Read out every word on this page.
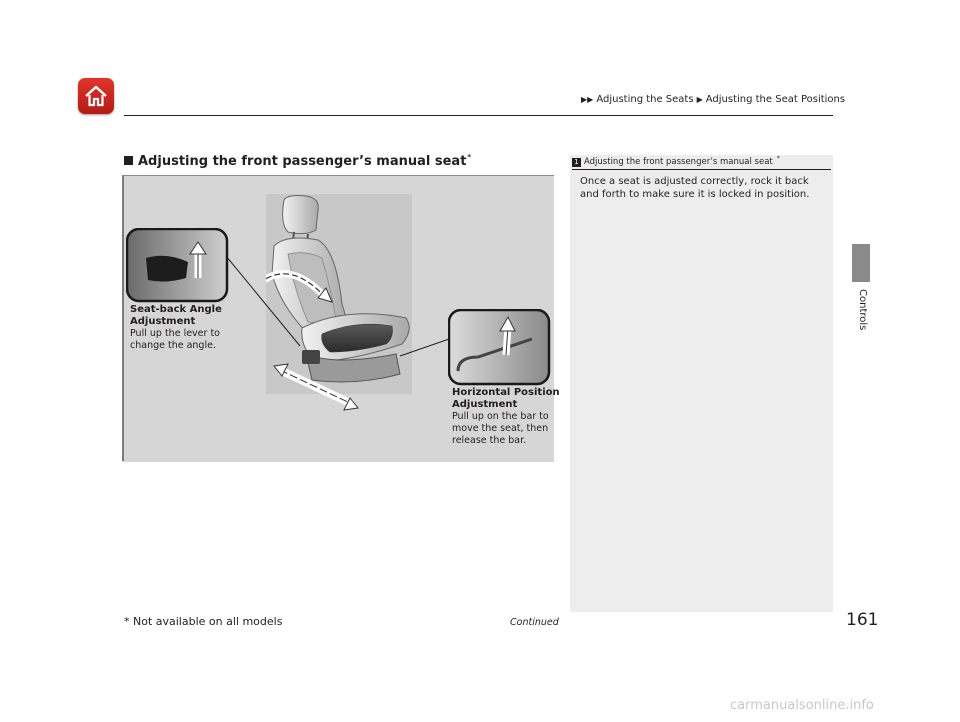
▶▶ Adjusting the Seats ▶ Adjusting the Seat Positions
Controls
Adjusting the front passenger’s manual seat *
Seat-back Angle
Adjustment
Pull up the lever to
change the angle.
Horizontal Position
Adjustment
Pull up on the bar to
move the seat, then
release the bar.
1 Adjusting the front passenger’s manual seat *
Once a seat is adjusted correctly, rock it back and forth to make sure it is locked in position.
* Not available on all models	Continued	161
carmanualsonline.info
